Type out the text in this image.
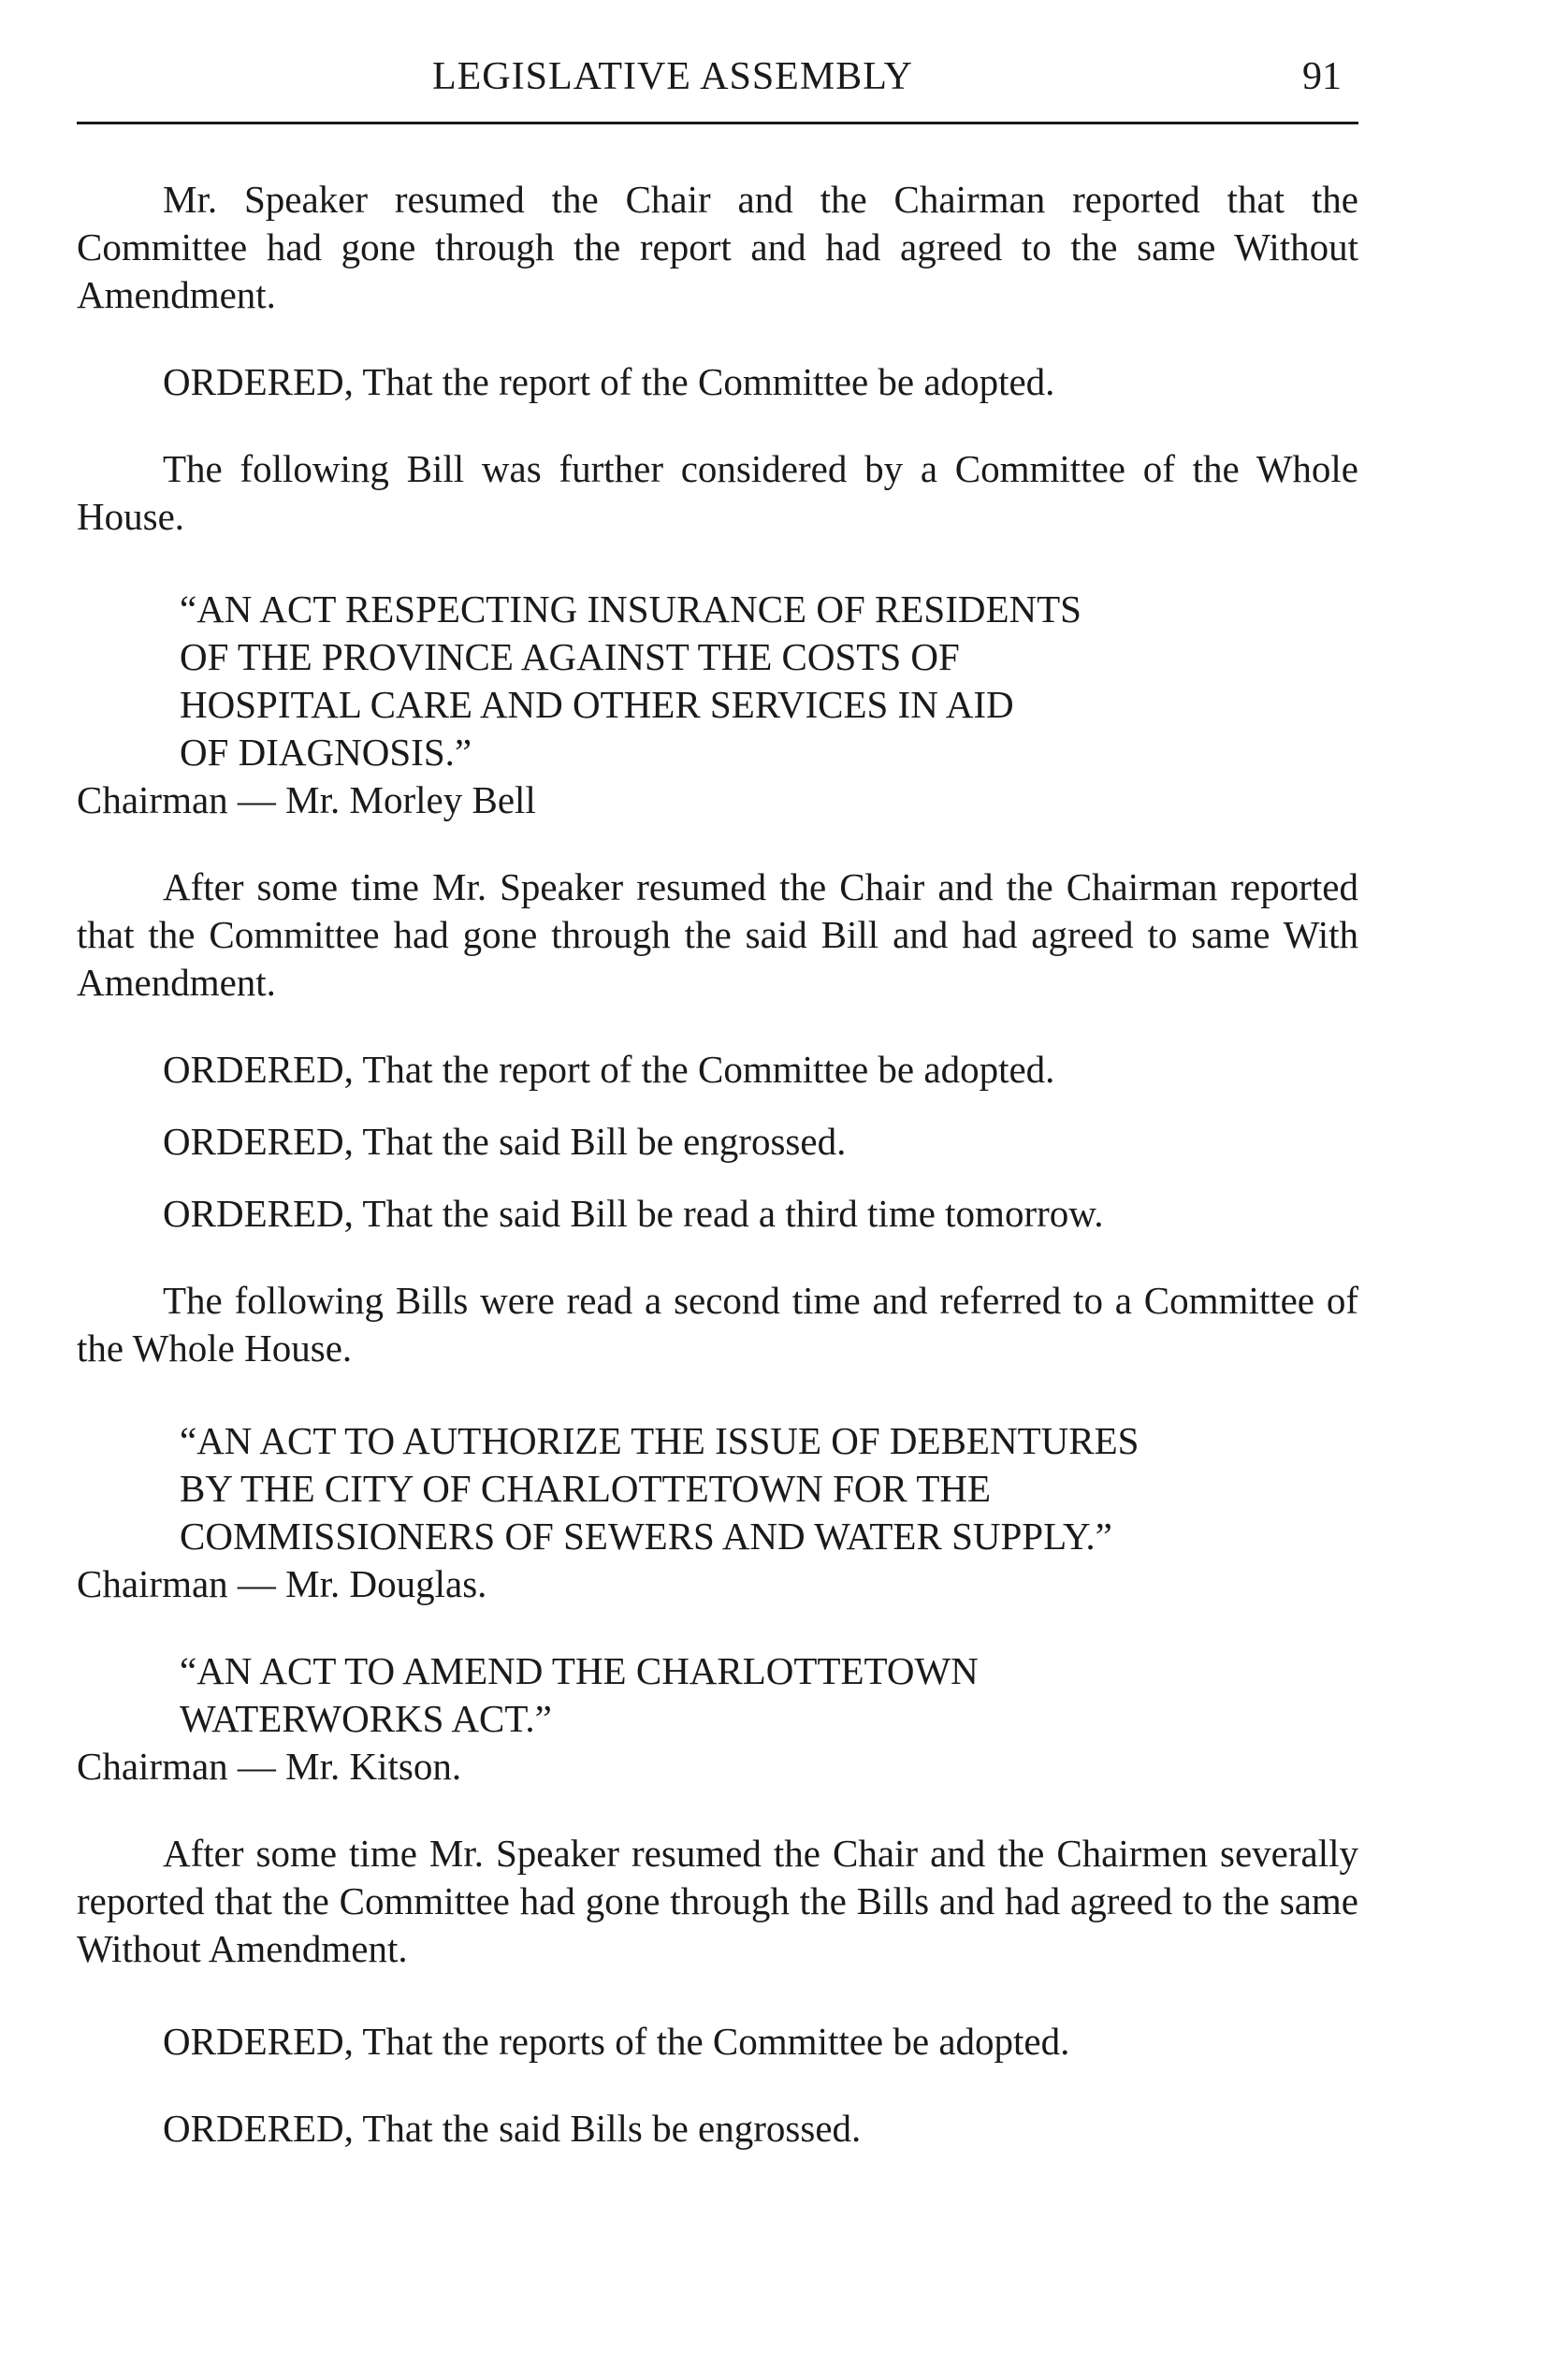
LEGISLATIVE ASSEMBLY	91

Mr. Speaker resumed the Chair and the Chairman reported that the Committee had gone through the report and had agreed to the same Without Amendment.

ORDERED, That the report of the Committee be adopted.

The following Bill was further considered by a Committee of the Whole House.

“AN ACT RESPECTING INSURANCE OF RESIDENTS
OF THE PROVINCE AGAINST THE COSTS OF
HOSPITAL CARE AND OTHER SERVICES IN AID
OF DIAGNOSIS.”

Chairman — Mr. Morley Bell

After some time Mr. Speaker resumed the Chair and the Chairman reported that the Committee had gone through the said Bill and had agreed to same With Amendment.

ORDERED, That the report of the Committee be adopted.

ORDERED, That the said Bill be engrossed.

ORDERED, That the said Bill be read a third time tomorrow.

The following Bills were read a second time and referred to a Committee of the Whole House.

“AN ACT TO AUTHORIZE THE ISSUE OF DEBENTURES
BY THE CITY OF CHARLOTTETOWN FOR THE
COMMISSIONERS OF SEWERS AND WATER SUPPLY.”

Chairman — Mr. Douglas.

“AN ACT TO AMEND THE CHARLOTTETOWN
WATERWORKS ACT.”

Chairman — Mr. Kitson.

After some time Mr. Speaker resumed the Chair and the Chairmen severally reported that the Committee had gone through the Bills and had agreed to the same Without Amendment.

ORDERED, That the reports of the Committee be adopted.

ORDERED, That the said Bills be engrossed.
